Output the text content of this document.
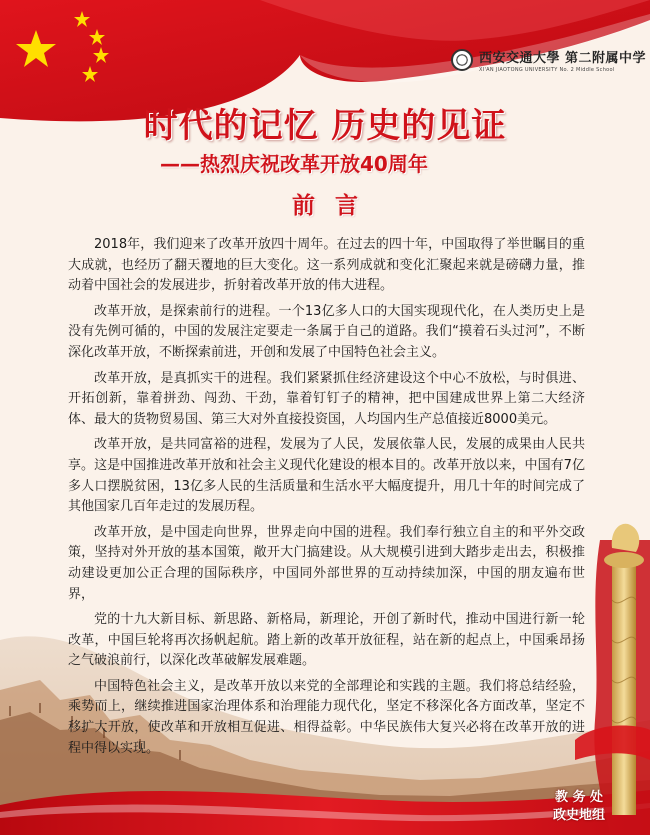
西安交通大學 第二附属中学
XI'AN JIAOTONG UNIVERSITY No. 2 Middle School
时代的记忆 历史的见证
——热烈庆祝改革开放40周年
前言

2018年，我们迎来了改革开放四十周年。在过去的四十年，中国取得了举世瞩目的重大成就，也经历了翻天覆地的巨大变化。这一系列成就和变化汇聚起来就是磅礴力量，推动着中国社会的发展进步，折射着改革开放的伟大进程。

改革开放，是探索前行的进程。一个13亿多人口的大国实现现代化，在人类历史上是没有先例可循的，中国的发展注定要走一条属于自己的道路。我们“摸着石头过河”，不断深化改革开放，不断探索前进，开创和发展了中国特色社会主义。

改革开放，是真抓实干的进程。我们紧紧抓住经济建设这个中心不放松，与时俱进、开拓创新，靠着拼劲、闯劲、干劲，靠着钉钉子的精神，把中国建成世界上第二大经济体、最大的货物贸易国、第三大对外直接投资国，人均国内生产总值接近8000美元。

改革开放，是共同富裕的进程，发展为了人民，发展依靠人民，发展的成果由人民共享。这是中国推进改革开放和社会主义现代化建设的根本目的。改革开放以来，中国有7亿多人口摆脱贫困，13亿多人民的生活质量和生活水平大幅度提升，用几十年的时间完成了其他国家几百年走过的发展历程。

改革开放，是中国走向世界，世界走向中国的进程。我们奉行独立自主的和平外交政策，坚持对外开放的基本国策，敞开大门搞建设。从大规模引进到大踏步走出去，积极推动建设更加公正合理的国际秩序，中国同外部世界的互动持续加深，中国的朋友遍布世界，

党的十九大新目标、新思路、新格局，新理论，开创了新时代，推动中国进行新一轮改革，中国巨轮将再次扬帆起航。踏上新的改革开放征程，站在新的起点上，中国乘昂扬之气破浪前行，以深化改革破解发展难题。

中国特色社会主义，是改革开放以来党的全部理论和实践的主题。我们将总结经验，乘势而上，继续推进国家治理体系和治理能力现代化，坚定不移深化各方面改革，坚定不移扩大开放，使改革和开放相互促进、相得益彰。中华民族伟大复兴必将在改革开放的进程中得以实现。

教 务 处
政史地组
